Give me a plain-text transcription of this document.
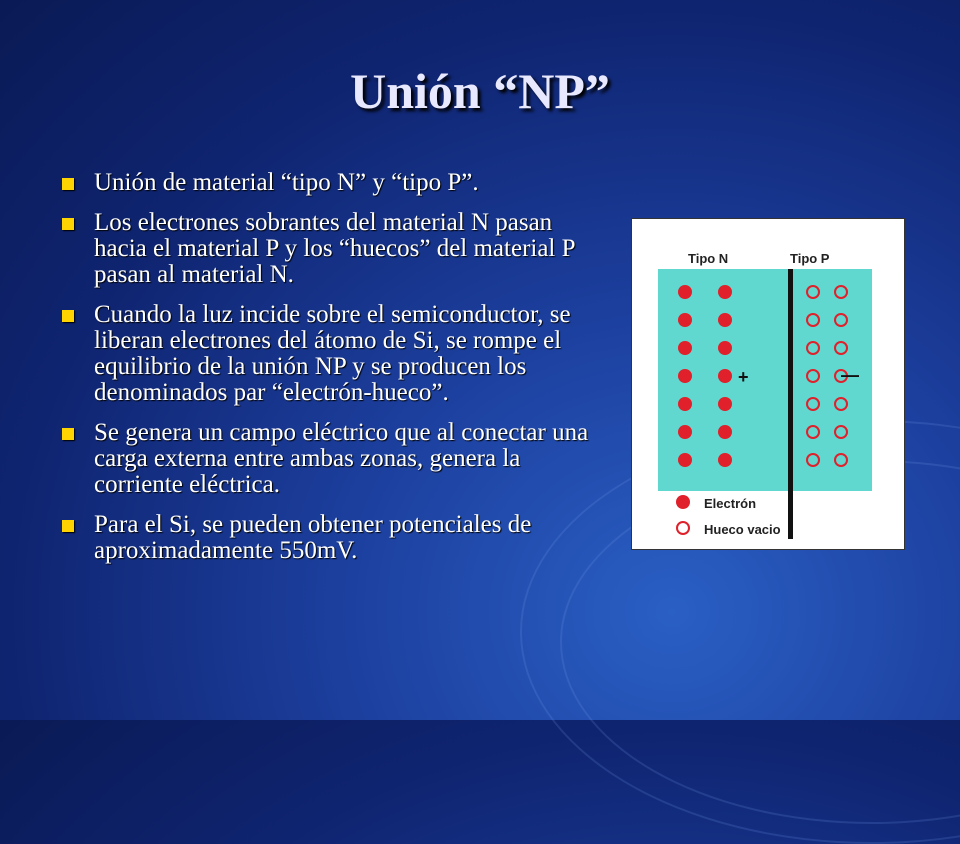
Unión “NP”
Unión de material “tipo N” y “tipo P”.
Los electrones sobrantes del material N pasan hacia el material P y los “huecos” del material P pasan al material N.
Cuando la luz incide sobre el semiconductor, se liberan electrones del átomo de Si, se rompe el equilibrio de la unión NP y se producen los denominados par “electrón-hueco”.
Se genera un campo eléctrico que al conectar una carga externa entre ambas zonas, genera la corriente eléctrica.
Para el Si, se pueden obtener potenciales de aproximadamente 550mV.
Tipo N	Tipo P
+	—
Electrón
Hueco vacio
